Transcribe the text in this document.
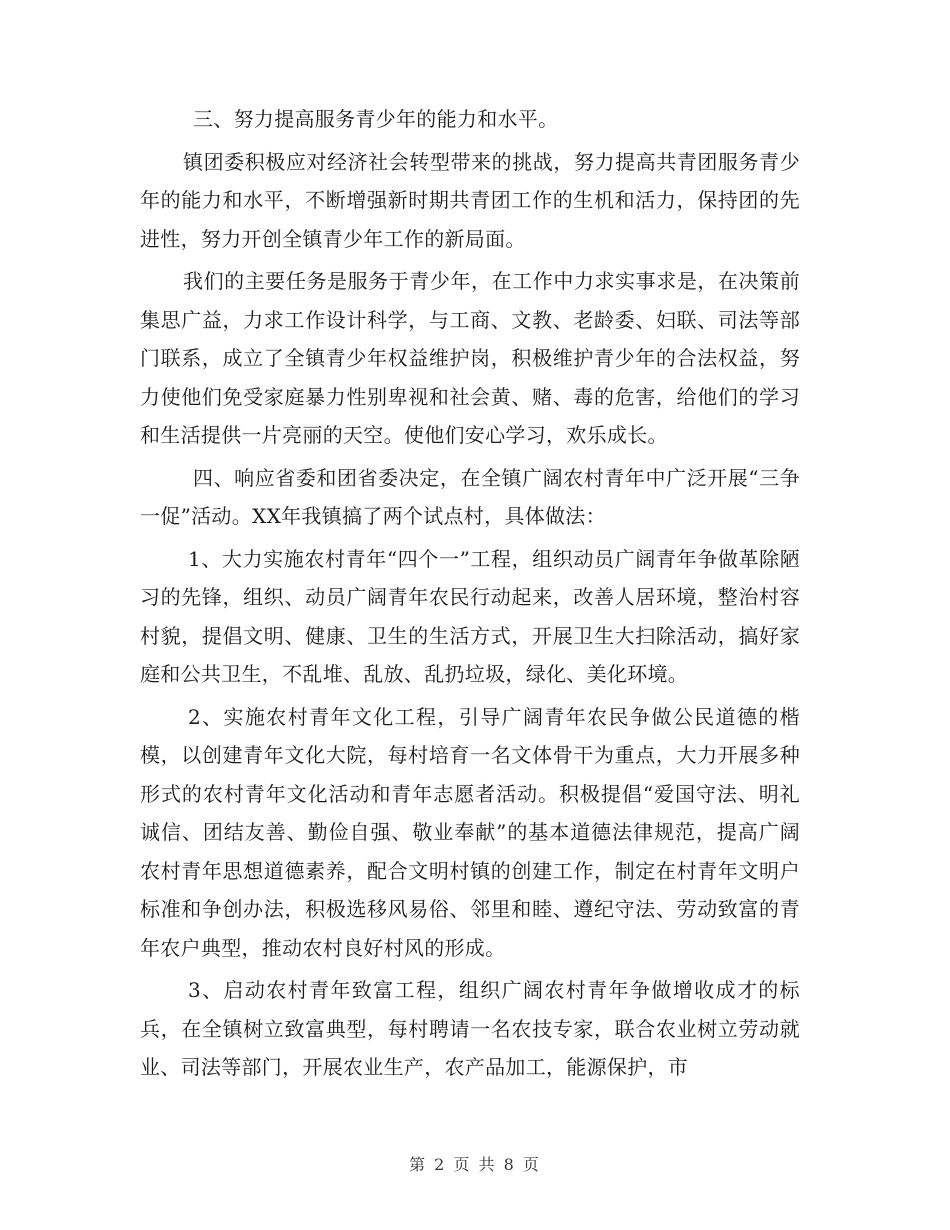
三、努力提高服务青少年的能力和水平。

镇团委积极应对经济社会转型带来的挑战，努力提高共青团服务青少年的能力和水平，不断增强新时期共青团工作的生机和活力，保持团的先进性，努力开创全镇青少年工作的新局面。

我们的主要任务是服务于青少年，在工作中力求实事求是，在决策前集思广益，力求工作设计科学，与工商、文教、老龄委、妇联、司法等部门联系，成立了全镇青少年权益维护岗，积极维护青少年的合法权益，努力使他们免受家庭暴力性别卑视和社会黄、赌、毒的危害，给他们的学习和生活提供一片亮丽的天空。使他们安心学习，欢乐成长。

四、响应省委和团省委决定，在全镇广阔农村青年中广泛开展“三争一促”活动。XX年我镇搞了两个试点村，具体做法：

1、大力实施农村青年“四个一”工程，组织动员广阔青年争做革除陋习的先锋，组织、动员广阔青年农民行动起来，改善人居环境，整治村容村貌，提倡文明、健康、卫生的生活方式，开展卫生大扫除活动，搞好家庭和公共卫生，不乱堆、乱放、乱扔垃圾，绿化、美化环境。

2、实施农村青年文化工程，引导广阔青年农民争做公民道德的楷模，以创建青年文化大院，每村培育一名文体骨干为重点，大力开展多种形式的农村青年文化活动和青年志愿者活动。积极提倡“爱国守法、明礼诚信、团结友善、勤俭自强、敬业奉献”的基本道德法律规范，提高广阔农村青年思想道德素养，配合文明村镇的创建工作，制定在村青年文明户标准和争创办法，积极选移风易俗、邻里和睦、遵纪守法、劳动致富的青年农户典型，推动农村良好村风的形成。

3、启动农村青年致富工程，组织广阔农村青年争做增收成才的标兵，在全镇树立致富典型，每村聘请一名农技专家，联合农业树立劳动就业、司法等部门，开展农业生产，农产品加工，能源保护，市

第 2 页 共 8 页
